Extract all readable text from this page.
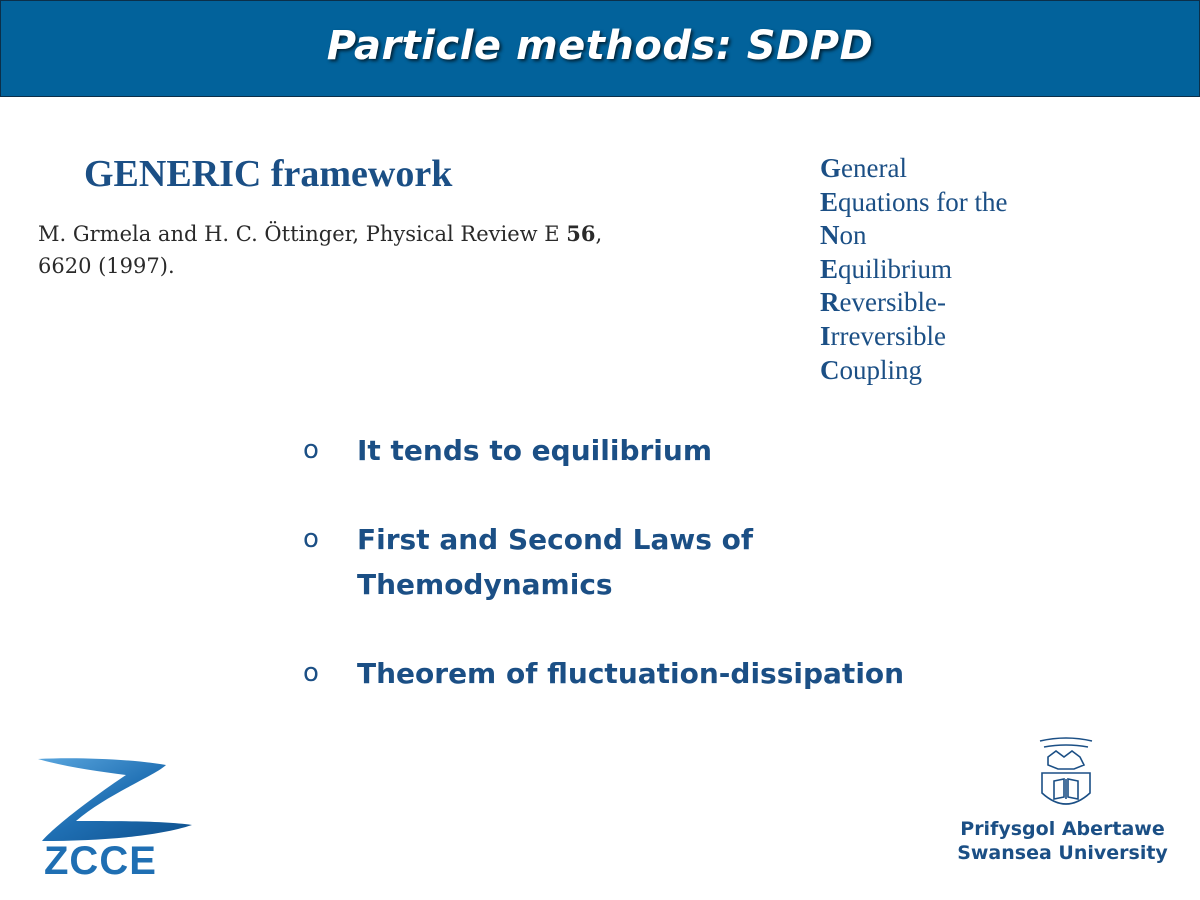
Particle methods: SDPD
GENERIC framework
M. Grmela and H. C. Öttinger, Physical Review E 56,
6620 (1997).
General
Equations for the
Non
Equilibrium
Reversible-
Irreversible
Coupling
o It tends to equilibrium
o First and Second Laws of
Themodynamics
o Theorem of fluctuation-dissipation
ZCCE
Prifysgol Abertawe
Swansea University
